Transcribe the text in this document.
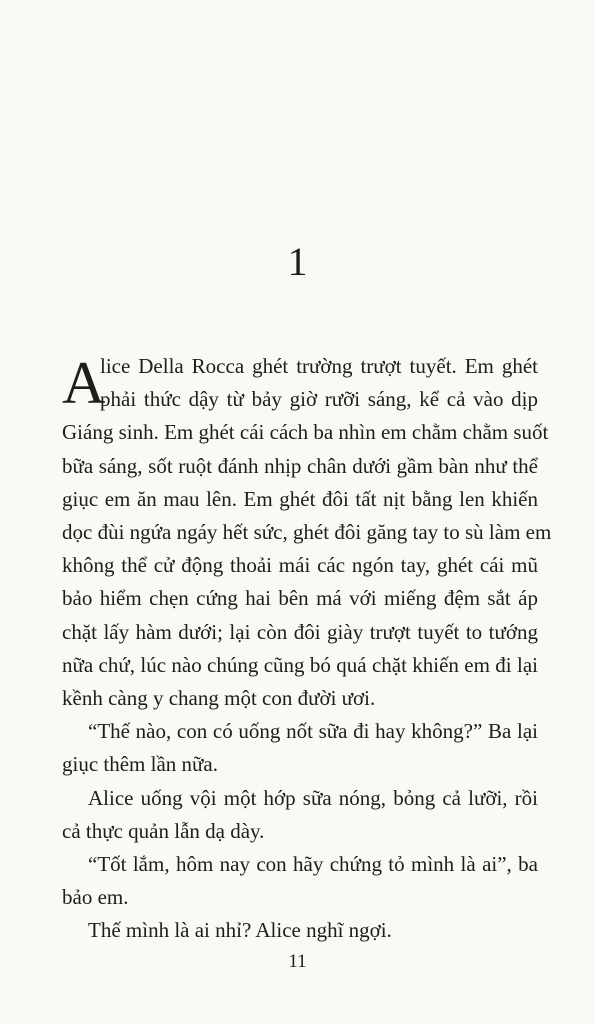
1

A
lice Della Rocca ghét trường trượt tuyết. Em ghét
phải thức dậy từ bảy giờ rưỡi sáng, kể cả vào dịp
Giáng sinh. Em ghét cái cách ba nhìn em chằm chằm suốt
bữa sáng, sốt ruột đánh nhịp chân dưới gầm bàn như thể
giục em ăn mau lên. Em ghét đôi tất nịt bằng len khiến
dọc đùi ngứa ngáy hết sức, ghét đôi găng tay to sù làm em
không thể cử động thoải mái các ngón tay, ghét cái mũ
bảo hiểm chẹn cứng hai bên má với miếng đệm sắt áp
chặt lấy hàm dưới; lại còn đôi giày trượt tuyết to tướng
nữa chứ, lúc nào chúng cũng bó quá chặt khiến em đi lại
kềnh càng y chang một con đười ươi.

“Thế nào, con có uống nốt sữa đi hay không?” Ba lại
giục thêm lần nữa.

Alice uống vội một hớp sữa nóng, bỏng cả lưỡi, rồi
cả thực quản lẫn dạ dày.

“Tốt lắm, hôm nay con hãy chứng tỏ mình là ai”, ba
bảo em.

Thế mình là ai nhỉ? Alice nghĩ ngợi.

11
